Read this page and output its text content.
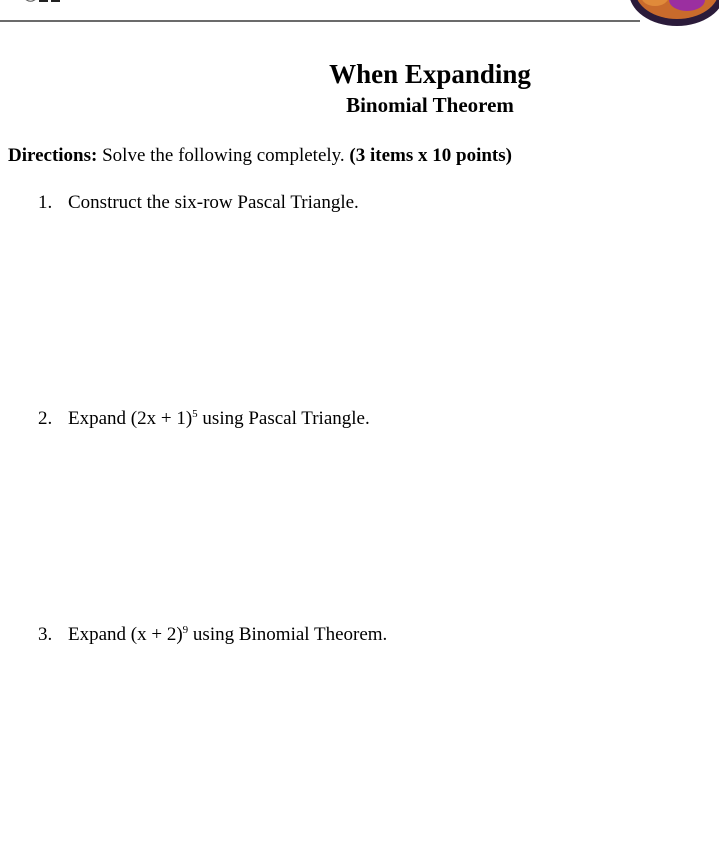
When Expanding
Binomial Theorem
Directions: Solve the following completely. (3 items x 10 points)
1. Construct the six-row Pascal Triangle.
2. Expand $(2x + 1)^5$ using Pascal Triangle.
3. Expand $(x + 2)^9$ using Binomial Theorem.
